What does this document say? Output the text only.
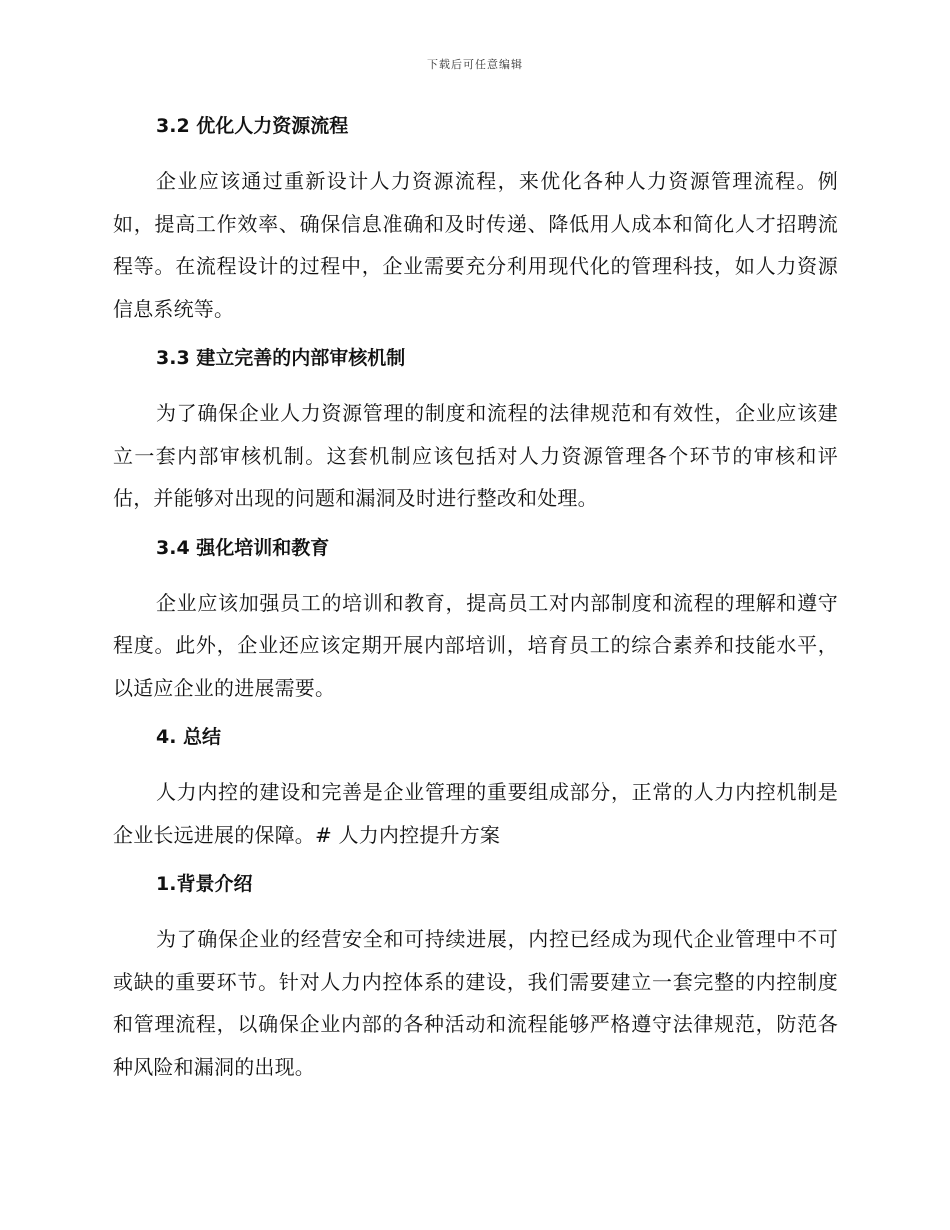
下载后可任意编辑
3.2 优化人力资源流程

企业应该通过重新设计人力资源流程，来优化各种人力资源管理流程。例如，提高工作效率、确保信息准确和及时传递、降低用人成本和简化人才招聘流程等。在流程设计的过程中，企业需要充分利用现代化的管理科技，如人力资源信息系统等。

3.3 建立完善的内部审核机制

为了确保企业人力资源管理的制度和流程的法律规范和有效性，企业应该建立一套内部审核机制。这套机制应该包括对人力资源管理各个环节的审核和评估，并能够对出现的问题和漏洞及时进行整改和处理。

3.4 强化培训和教育

企业应该加强员工的培训和教育，提高员工对内部制度和流程的理解和遵守程度。此外，企业还应该定期开展内部培训，培育员工的综合素养和技能水平，以适应企业的进展需要。

4. 总结

人力内控的建设和完善是企业管理的重要组成部分，正常的人力内控机制是企业长远进展的保障。# 人力内控提升方案

1.背景介绍

为了确保企业的经营安全和可持续进展，内控已经成为现代企业管理中不可或缺的重要环节。针对人力内控体系的建设，我们需要建立一套完整的内控制度和管理流程，以确保企业内部的各种活动和流程能够严格遵守法律规范，防范各种风险和漏洞的出现。
